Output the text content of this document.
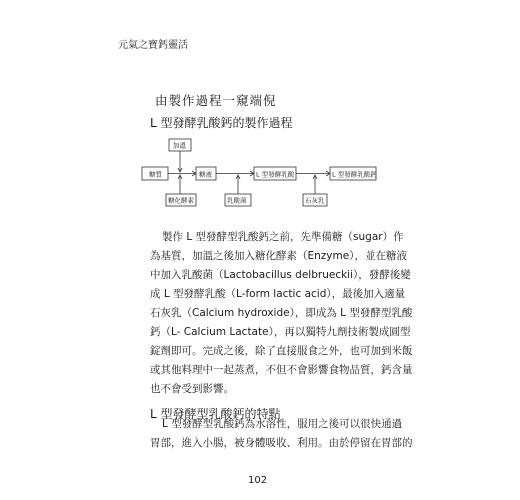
元氣之寶鈣靈活
由製作過程一窺端倪
L 型發酵乳酸鈣的製作過程
糖質
加溫
糖化酵素
糖液
乳酸菌
L 型發酵乳酸
石灰乳
L 型發酵乳酸鈣
製作 L 型發酵型乳酸鈣之前，先準備糖（sugar）作
為基質，加溫之後加入糖化酵素（Enzyme），並在糖液
中加入乳酸菌（Lactobacillus delbrueckii），發酵後變
成 L 型發酵乳酸（L-form lactic acid），最後加入適量
石灰乳（Calcium hydroxide），即成為 L 型發酵型乳酸
鈣（L- Calcium Lactate），再以獨特九劑技術製成圓型
錠劑即可。完成之後，除了直接服食之外，也可加到米飯
或其他料理中一起蒸煮，不但不會影響食物品質，鈣含量
也不會受到影響。
L 型發酵型乳酸鈣的特點
L 型發酵型乳酸鈣為水溶性，服用之後可以很快通過
胃部，進入小腸，被身體吸收、利用。由於停留在胃部的
102
